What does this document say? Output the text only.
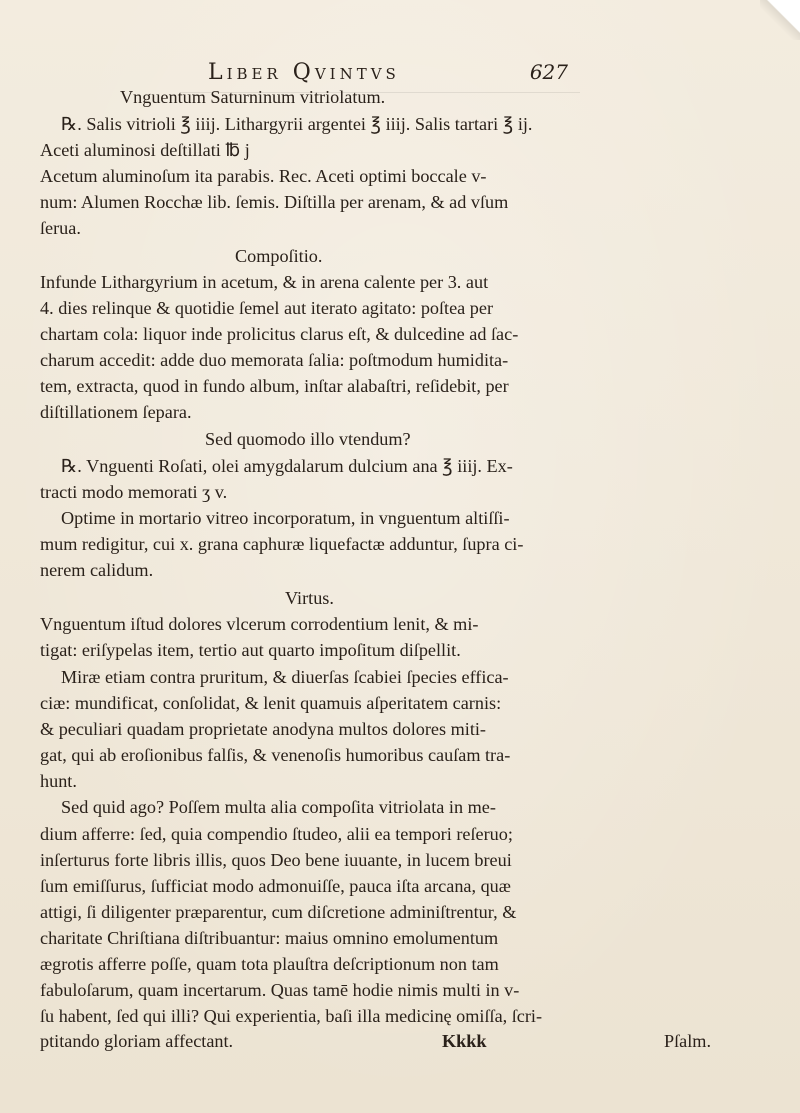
Liber Qvintvs	627
Vnguentum Saturninum vitriolatum.
℞. Salis vitrioli ℥ iiij. Lithargyrii argentei ℥ iiij. Salis tartari ℥ ij.
Aceti aluminosi deſtillati ℔ j
Acetum aluminoſum ita parabis. Rec. Aceti optimi boccale v-
num: Alumen Rocchæ lib. ſemis. Diſtilla per arenam, & ad vſum
ſerua.
Compoſitio.
Infunde Lithargyrium in acetum, & in arena calente per 3. aut
4. dies relinque & quotidie ſemel aut iterato agitato: poſtea per
chartam cola: liquor inde prolicitus clarus eſt, & dulcedine ad ſac-
charum accedit: adde duo memorata ſalia: poſtmodum humidita-
tem, extracta, quod in fundo album, inſtar alabaſtri, reſidebit, per
diſtillationem ſepara.
Sed quomodo illo vtendum?
℞. Vnguenti Roſati, olei amygdalarum dulcium ana ℥ iiij. Ex-
tracti modo memorati ʒ v.
Optime in mortario vitreo incorporatum, in vnguentum altiſſi-
mum redigitur, cui x. grana caphuræ liquefactæ adduntur, ſupra ci-
nerem calidum.
Virtus.
Vnguentum iſtud dolores vlcerum corrodentium lenit, & mi-
tigat: eriſypelas item, tertio aut quarto impoſitum diſpellit.
Miræ etiam contra pruritum, & diuerſas ſcabiei ſpecies effica-
ciæ: mundificat, conſolidat, & lenit quamuis aſperitatem carnis:
& peculiari quadam proprietate anodyna multos dolores miti-
gat, qui ab eroſionibus falſis, & venenoſis humoribus cauſam tra-
hunt.
Sed quid ago? Poſſem multa alia compoſita vitriolata in me-
dium afferre: ſed, quia compendio ſtudeo, alii ea tempori reſeruo;
inſerturus forte libris illis, quos Deo bene iuuante, in lucem breui
ſum emiſſurus, ſufficiat modo admonuiſſe, pauca iſta arcana, quæ
attigi, ſi diligenter præparentur, cum diſcretione adminiſtrentur, &
charitate Chriſtiana diſtribuantur: maius omnino emolumentum
ægrotis afferre poſſe, quam tota plauſtra deſcriptionum non tam
fabuloſarum, quam incertarum. Quas tamē hodie nimis multi in v-
ſu habent, ſed qui illi? Qui experientia, baſi illa medicinę omiſſa, ſcri-
ptitando gloriam affectant.	Kkkk	Pſalm.
